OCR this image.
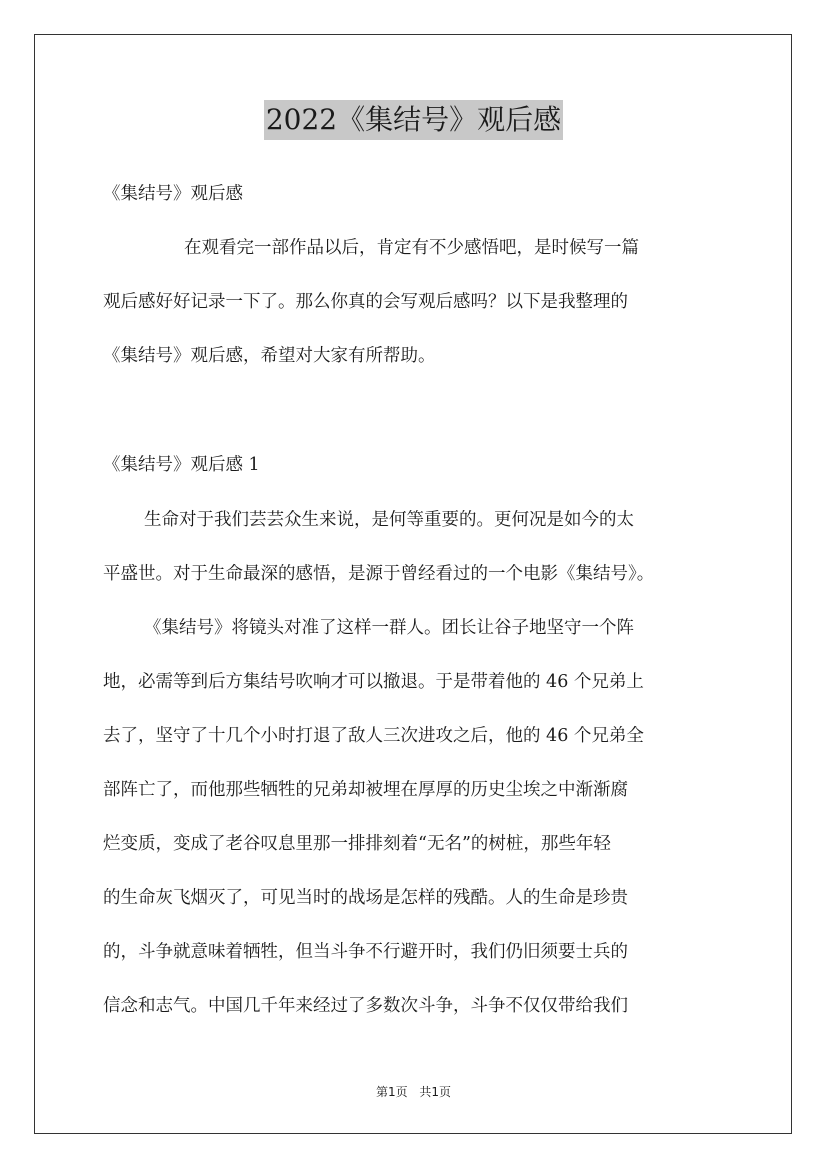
2022《集结号》观后感
《集结号》观后感
在观看完一部作品以后，肯定有不少感悟吧，是时候写一篇
观后感好好记录一下了。那么你真的会写观后感吗？以下是我整理的
《集结号》观后感，希望对大家有所帮助。
《集结号》观后感 1
生命对于我们芸芸众生来说，是何等重要的。更何况是如今的太
平盛世。对于生命最深的感悟，是源于曾经看过的一个电影《集结号》。
《集结号》将镜头对准了这样一群人。团长让谷子地坚守一个阵
地，必需等到后方集结号吹响才可以撤退。于是带着他的 46 个兄弟上
去了，坚守了十几个小时打退了敌人三次进攻之后，他的 46 个兄弟全
部阵亡了，而他那些牺牲的兄弟却被埋在厚厚的历史尘埃之中渐渐腐
烂变质，变成了老谷叹息里那一排排刻着“无名”的树桩，那些年轻
的生命灰飞烟灭了，可见当时的战场是怎样的残酷。人的生命是珍贵
的，斗争就意味着牺牲，但当斗争不行避开时，我们仍旧须要士兵的
信念和志气。中国几千年来经过了多数次斗争，斗争不仅仅带给我们
第1页 共1页
